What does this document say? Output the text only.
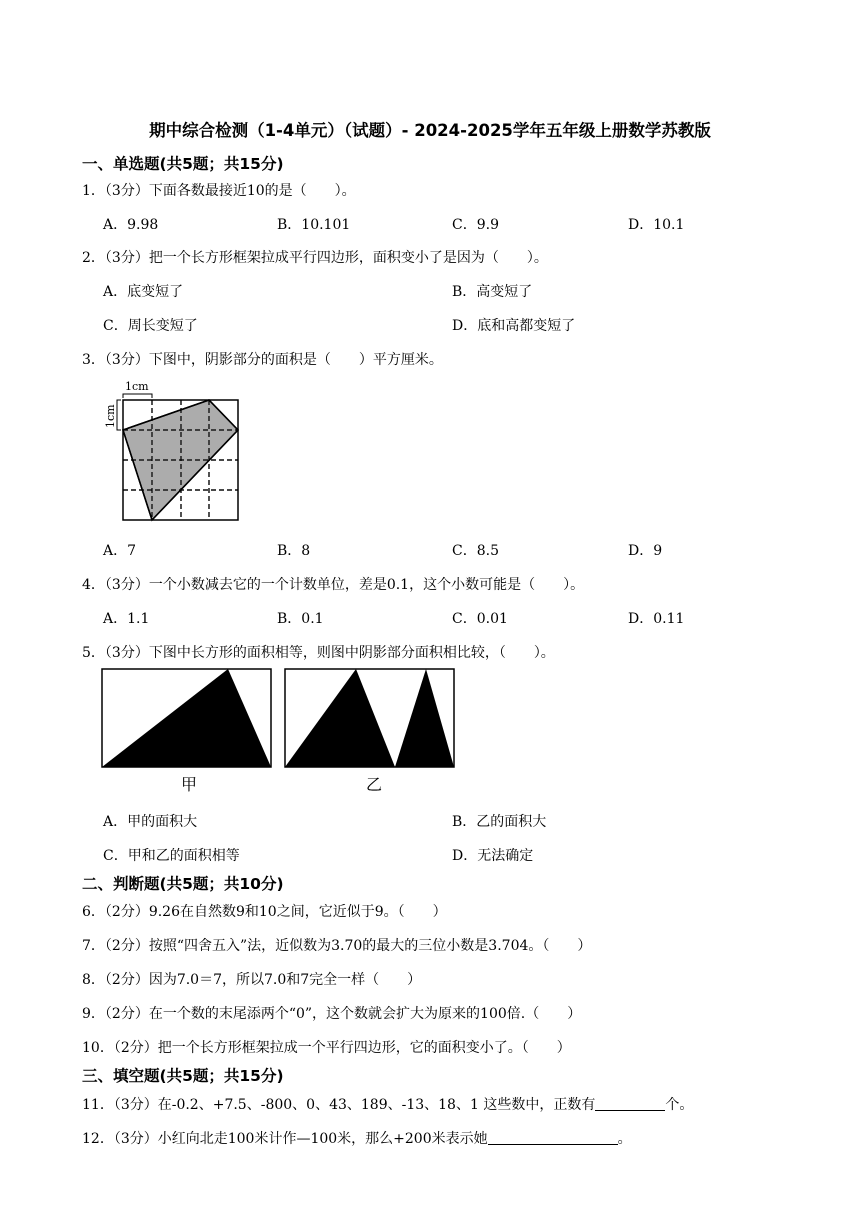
期中综合检测（1-4单元）（试题）- 2024-2025学年五年级上册数学苏教版
一、单选题(共5题；共15分)
1．（3分）下面各数最接近10的是（　　）。
A．9.98	B．10.101	C．9.9	D．10.1
2．（3分）把一个长方形框架拉成平行四边形，面积变小了是因为（　　）。
A．底变短了	B．高变短了
C．周长变短了	D．底和高都变短了
3．（3分）下图中，阴影部分的面积是（　　）平方厘米。
1cm
1cm
A．7	B．8	C．8.5	D．9
4．（3分）一个小数减去它的一个计数单位，差是0.1，这个小数可能是（　　）。
A．1.1	B．0.1	C．0.01	D．0.11
5．（3分）下图中长方形的面积相等，则图中阴影部分面积相比较，（　　）。
甲	乙
A．甲的面积大	B．乙的面积大
C．甲和乙的面积相等	D．无法确定
二、判断题(共5题；共10分)
6．（2分）9.26在自然数9和10之间，它近似于9。（　　）
7．（2分）按照“四舍五入”法，近似数为3.70的最大的三位小数是3.704。（　　）
8．（2分）因为7.0＝7，所以7.0和7完全一样（　　）
9．（2分）在一个数的末尾添两个“0”，这个数就会扩大为原来的100倍.（　　）
10．（2分）把一个长方形框架拉成一个平行四边形，它的面积变小了。（　　）
三、填空题(共5题；共15分)
11．（3分）在-0.2、+7.5、-800、0、43、189、-13、18、1 这些数中，正数有	个。
12．（3分）小红向北走100米计作—100米，那么+200米表示她	。
